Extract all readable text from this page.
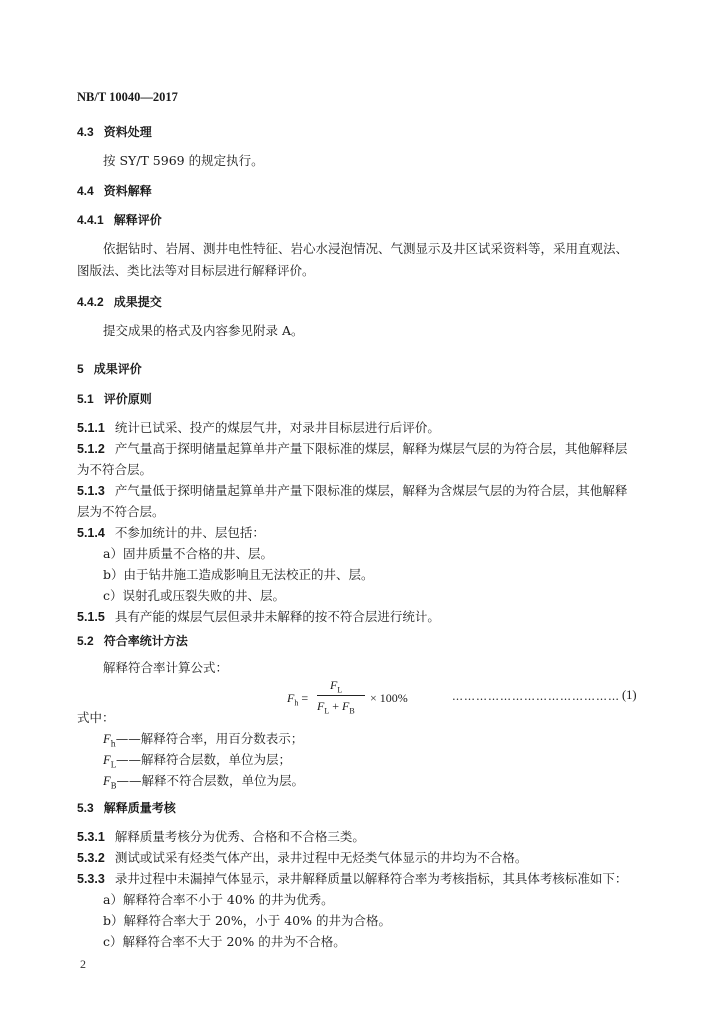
NB/T 10040—2017
4.3 资料处理
按 SY/T 5969 的规定执行。
4.4 资料解释
4.4.1 解释评价
依据钻时、岩屑、测井电性特征、岩心水浸泡情况、气测显示及井区试采资料等，采用直观法、
图版法、类比法等对目标层进行解释评价。
4.4.2 成果提交
提交成果的格式及内容参见附录 A。
5 成果评价
5.1 评价原则
5.1.1 统计已试采、投产的煤层气井，对录井目标层进行后评价。
5.1.2 产气量高于探明储量起算单井产量下限标准的煤层，解释为煤层气层的为符合层，其他解释层
为不符合层。
5.1.3 产气量低于探明储量起算单井产量下限标准的煤层，解释为含煤层气层的为符合层，其他解释
层为不符合层。
5.1.4 不参加统计的井、层包括：
a）固井质量不合格的井、层。
b）由于钻井施工造成影响且无法校正的井、层。
c）误射孔或压裂失败的井、层。
5.1.5 具有产能的煤层气层但录井未解释的按不符合层进行统计。
5.2 符合率统计方法
解释符合率计算公式：
$F_h$ =
$F_L$
$F_L + F_B$
× 100%	…………………………………… (1)
式中：
$F_h——$解释符合率，用百分数表示；
$F_L——$解释符合层数，单位为层；
$F_B——$解释不符合层数，单位为层。
5.3 解释质量考核
5.3.1 解释质量考核分为优秀、合格和不合格三类。
5.3.2 测试或试采有烃类气体产出，录井过程中无烃类气体显示的井均为不合格。
5.3.3 录井过程中未漏掉气体显示，录井解释质量以解释符合率为考核指标，其具体考核标准如下：
a）解释符合率不小于 40% 的井为优秀。
b）解释符合率大于 20%，小于 40% 的井为合格。
c）解释符合率不大于 20% 的井为不合格。
2
